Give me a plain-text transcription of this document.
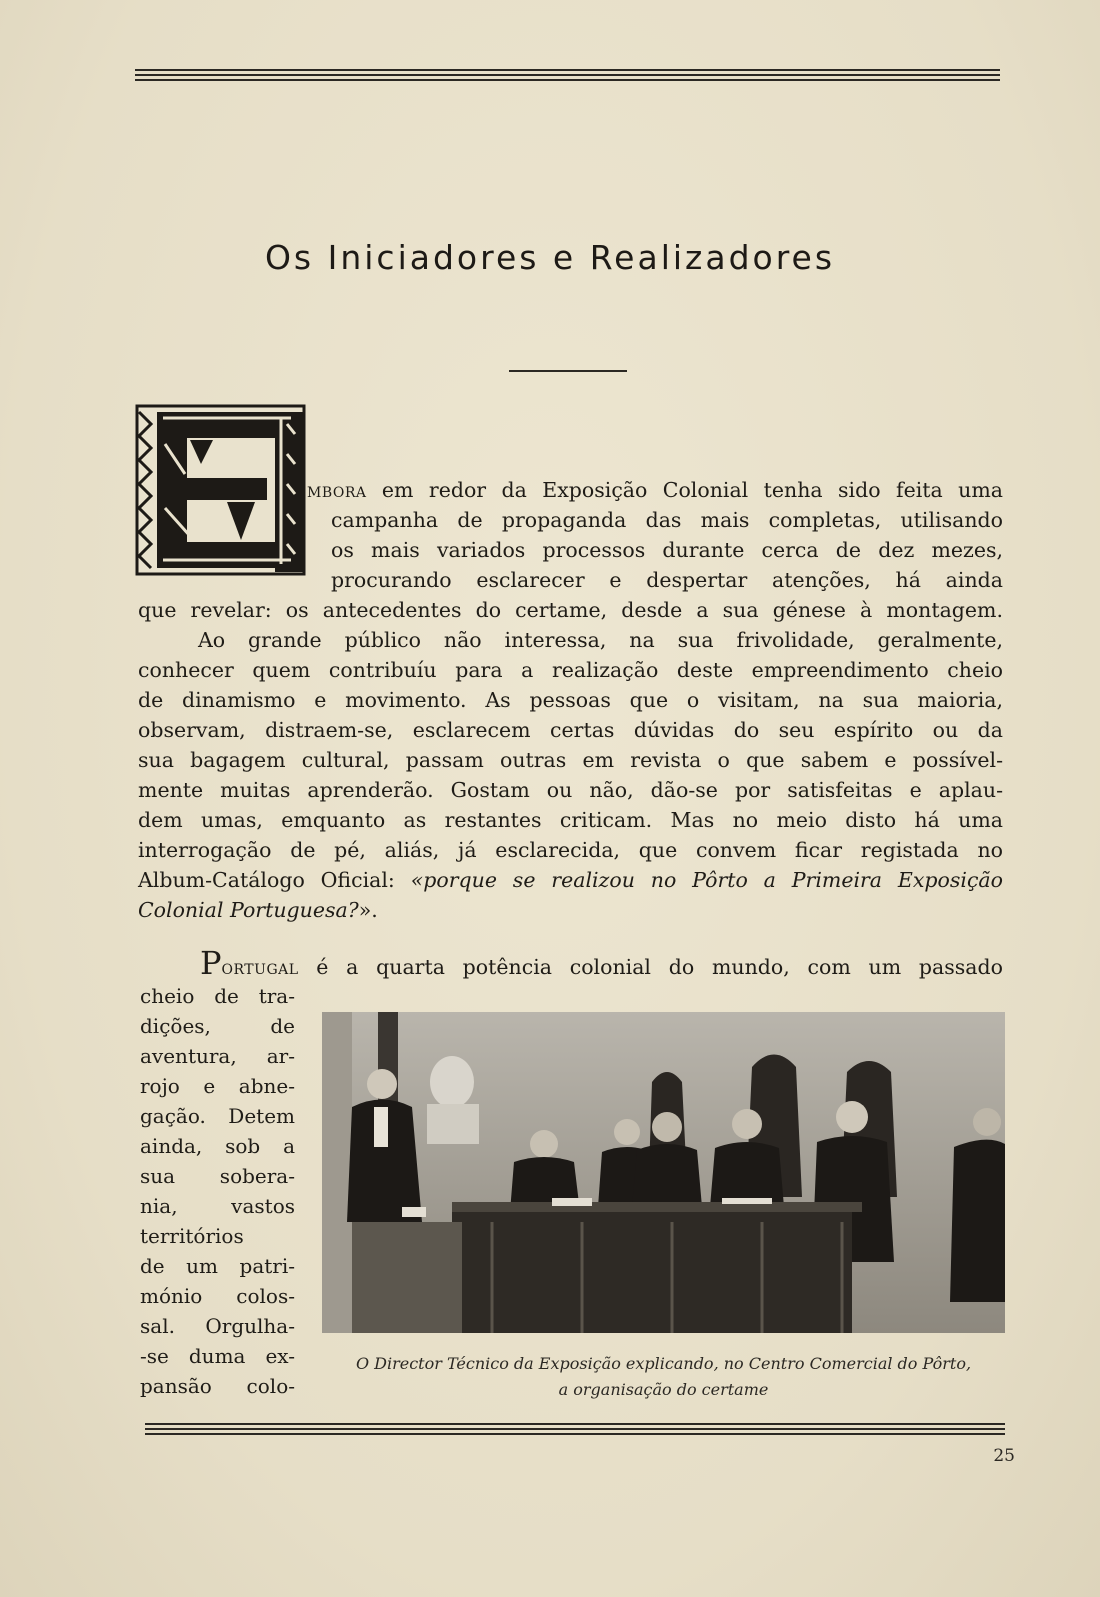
Os Iniciadores e Realizadores
mbora em redor da Exposição Colonial tenha sido feita uma
campanha de propaganda das mais completas, utilisando
os mais variados processos durante cerca de dez mezes,
procurando esclarecer e despertar atenções, há ainda
que revelar: os antecedentes do certame, desde a sua génese à montagem.
Ao grande público não interessa, na sua frivolidade, geralmente,
conhecer quem contribuíu para a realização deste empreendimento cheio
de dinamismo e movimento. As pessoas que o visitam, na sua maioria,
observam, distraem-se, esclarecem certas dúvidas do seu espírito ou da
sua bagagem cultural, passam outras em revista o que sabem e possível-
mente muitas aprenderão. Gostam ou não, dão-se por satisfeitas e aplau-
dem umas, emquanto as restantes criticam. Mas no meio disto há uma
interrogação de pé, aliás, já esclarecida, que convem ficar registada no
Album-Catálogo Oficial: «porque se realizou no Pôrto a Primeira Exposição
Colonial Portuguesa?».
Portugal é a quarta potência colonial do mundo, com um passado
cheio de tra-
dições, de
aventura, ar-
rojo e abne-
gação. Detem
ainda, sob a
sua sobera-
nia, vastos
territórios
de um patri-
mónio colos-
sal. Orgulha-
-se duma ex-
pansão colo-
O Director Técnico da Exposição explicando, no Centro Comercial do Pôrto,
a organisação do certame
25
